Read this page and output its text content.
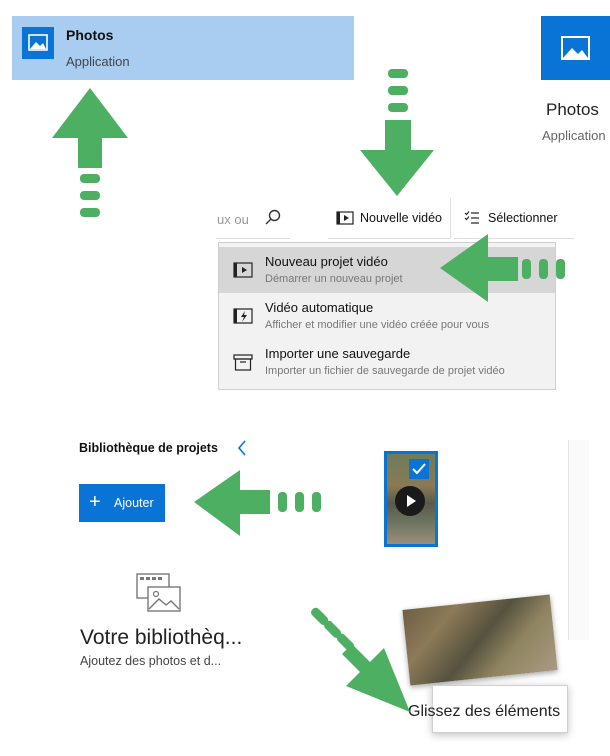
Photos
Application
Photos
Application
ux ou	Nouvelle vidéo	Sélectionner
Nouveau projet vidéo
Démarrer un nouveau projet
Vidéo automatique
Afficher et modifier une vidéo créée pour vous
Importer une sauvegarde
Importer un fichier de sauvegarde de projet vidéo
Bibliothèque de projets
+ Ajouter
Votre bibliothèq...
Ajoutez des photos et d...
Glissez des éléments
